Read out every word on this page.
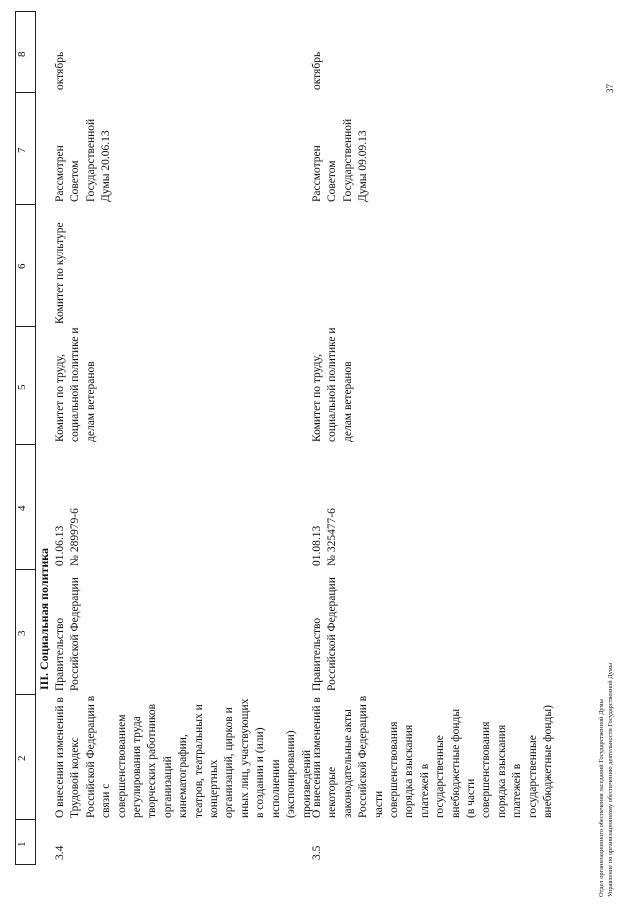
1
2
3
4
5
6
7
8
III. Социальная политика
3.4
О внесении изменений в
Трудовой кодекс
Российской Федерации в
связи с
совершенствованием
регулирования труда
творческих работников
организаций
кинематографии,
театров, театральных и
концертных
организаций, цирков и
иных лиц, участвующих
в создании и (или)
исполнении
(экспонировании)
произведений
Правительство
Российской Федерации
01.06.13
№ 289979-6
Комитет по труду,
социальной политике и
делам ветеранов
Комитет по культуре
Рассмотрен
Советом
Государственной
Думы 20.06.13
октябрь
3.5
О внесении изменений в
некоторые
законодательные акты
Российской Федерации в
части
совершенствования
порядка взыскания
платежей в
государственные
внебюджетные фонды
(в части
совершенствования
порядка взыскания
платежей в
государственные
внебюджетные фонды)
Правительство
Российской Федерации
01.08.13
№ 325477-6
Комитет по труду,
социальной политике и
делам ветеранов
Рассмотрен
Советом
Государственной
Думы 09.09.13
октябрь
Отдел организационного обеспечения заседаний Государственной Думы Управление по организационному обеспечению деятельности Государственной Думы
37
